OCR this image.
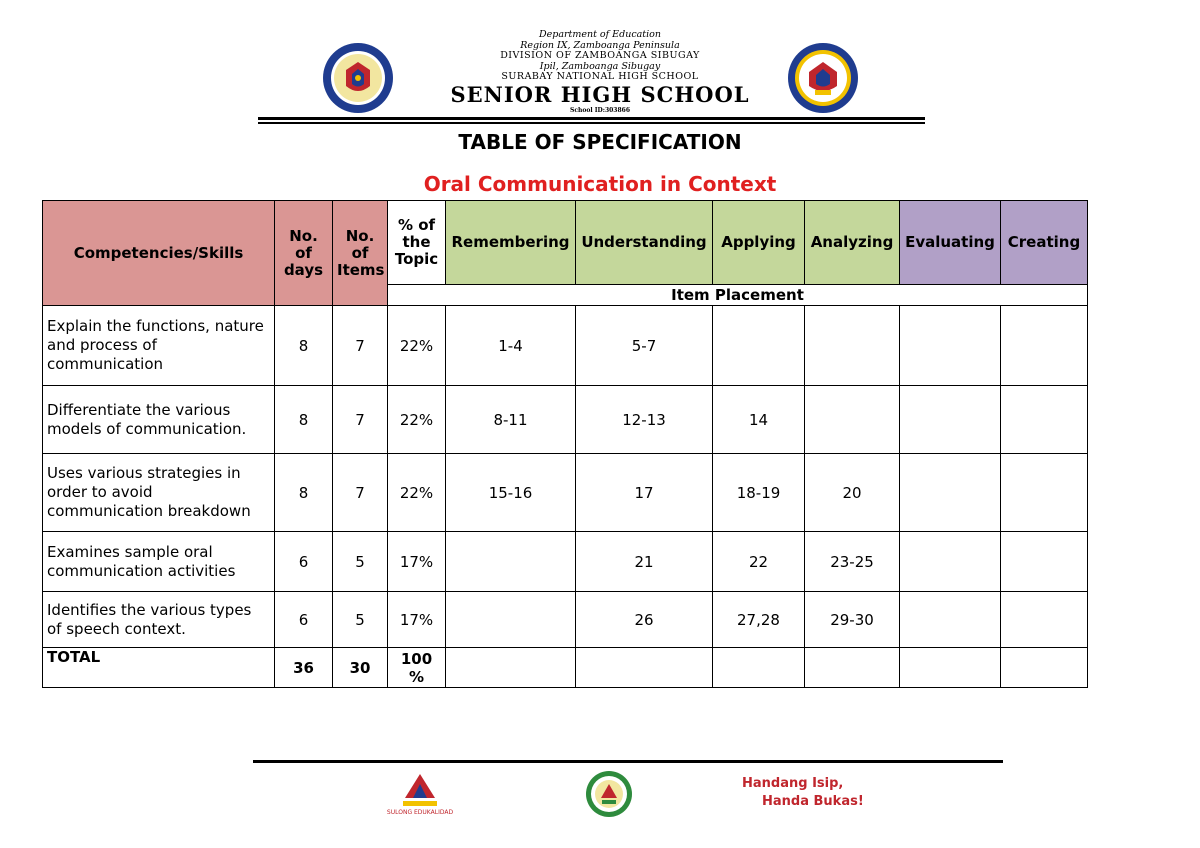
Department of Education
Region IX, Zamboanga Peninsula
DIVISION OF ZAMBOANGA SIBUGAY
Ipil, Zamboanga Sibugay
SURABAY NATIONAL HIGH SCHOOL
SENIOR HIGH SCHOOL
School ID:303866
TABLE OF SPECIFICATION
Oral Communication in Context
Competencies/Skills	No. of days	No. of Items	% of the Topic	Remembering	Understanding	Applying	Analyzing	Evaluating	Creating
			Item Placement						
Explain the functions, nature and process of communication	8	7	22%	1-4	5-7				
Differentiate the various models of communication.	8	7	22%	8-11	12-13	14			
Uses various strategies in order to avoid communication breakdown	8	7	22%	15-16	17	18-19	20		
Examines sample oral communication activities	6	5	17%		21	22	23-25		
Identifies the various types of speech context.	6	5	17%		26	27,28	29-30		
TOTAL	36	30	100 %						
SULONG EDUKALIDAD
Handang Isip,
Handa Bukas!
